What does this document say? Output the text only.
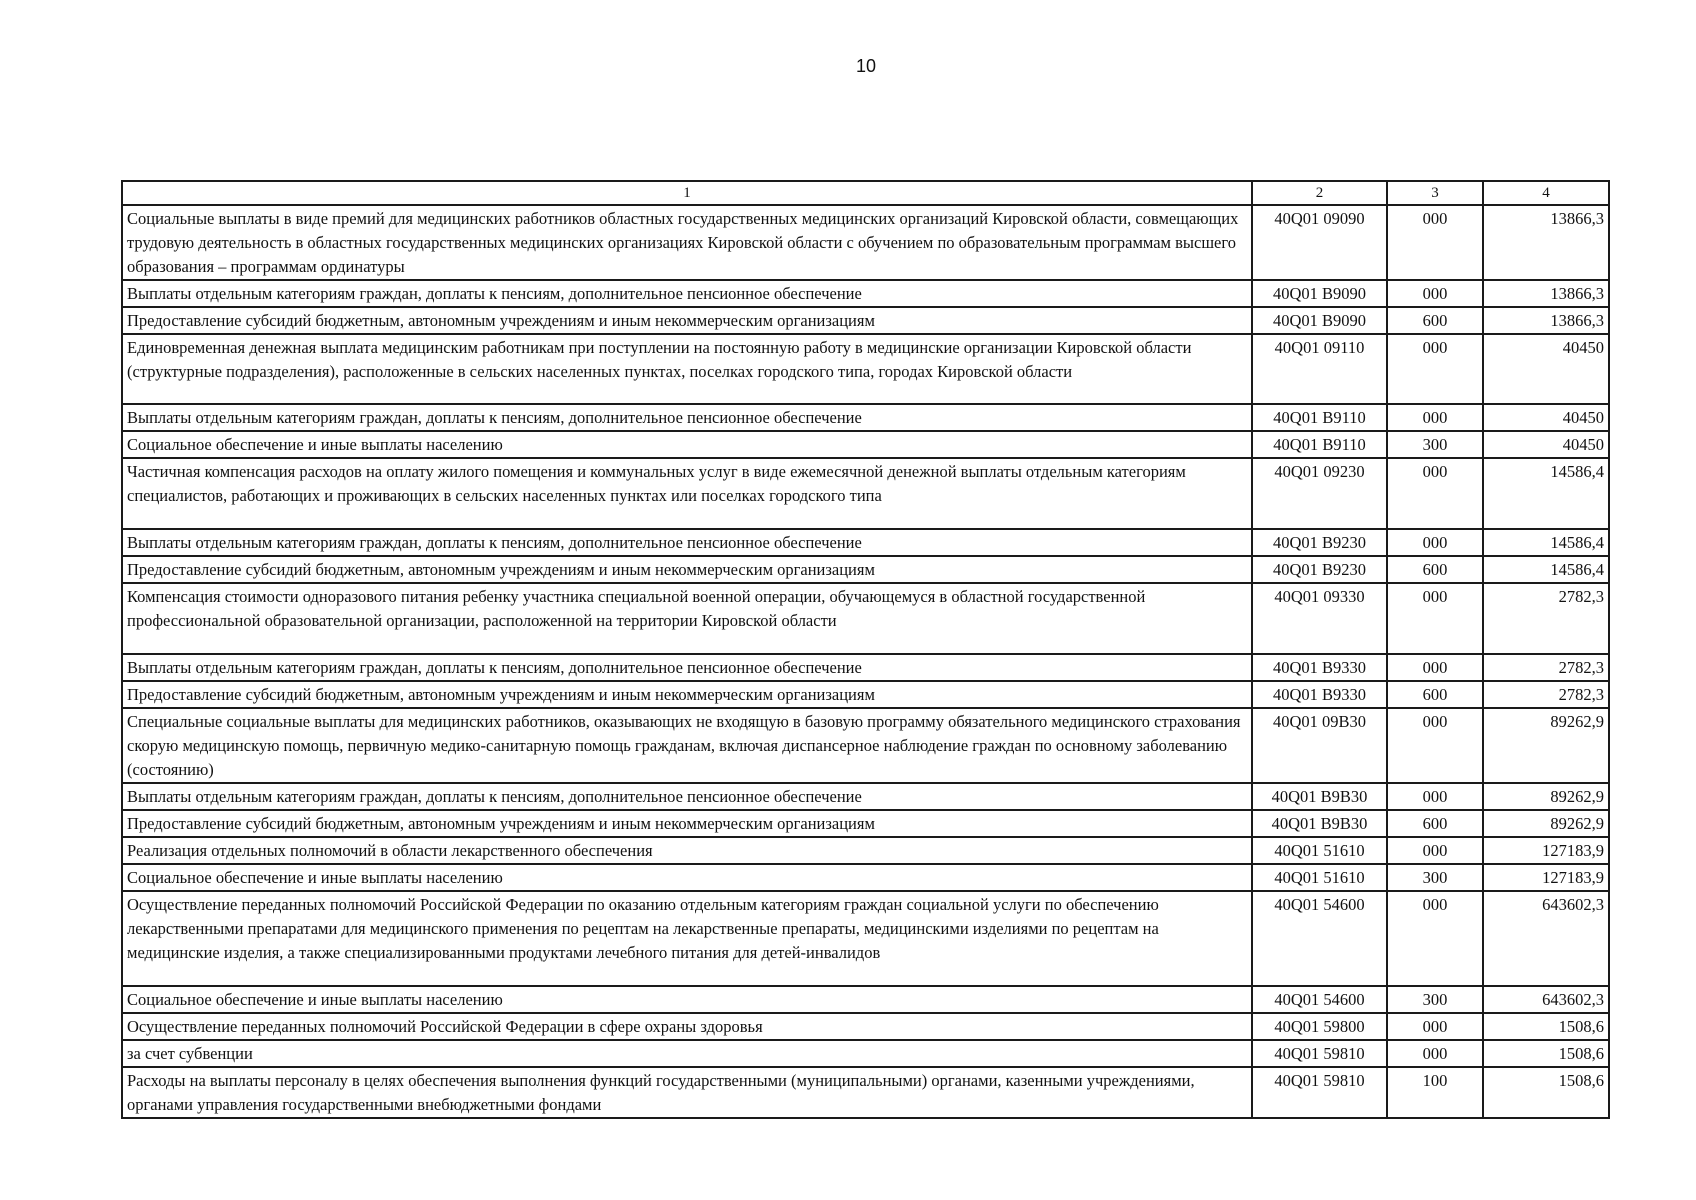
10
1	2	3	4
Социальные выплаты в виде премий для медицинских работников областных государственных медицинских организаций Кировской области, совмещающих трудовую деятельность в областных государственных медицинских организациях Кировской области с обучением по образовательным программам высшего образования – программам ординатуры	40Q01 09090	000	13866,3
Выплаты отдельным категориям граждан, доплаты к пенсиям, дополнительное пенсионное обеспечение	40Q01 В9090	000	13866,3
Предоставление субсидий бюджетным, автономным учреждениям и иным некоммерческим организациям	40Q01 В9090	600	13866,3
Единовременная денежная выплата медицинским работникам при поступлении на постоянную работу в медицинские организации Кировской области (структурные подразделения), расположенные в сельских населенных пунктах, поселках городского типа, городах Кировской области	40Q01 09110	000	40450
Выплаты отдельным категориям граждан, доплаты к пенсиям, дополнительное пенсионное обеспечение	40Q01 В9110	000	40450
Социальное обеспечение и иные выплаты населению	40Q01 В9110	300	40450
Частичная компенсация расходов на оплату жилого помещения и коммунальных услуг в виде ежемесячной денежной выплаты отдельным категориям специалистов, работающих и проживающих в сельских населенных пунктах или поселках городского типа	40Q01 09230	000	14586,4
Выплаты отдельным категориям граждан, доплаты к пенсиям, дополнительное пенсионное обеспечение	40Q01 В9230	000	14586,4
Предоставление субсидий бюджетным, автономным учреждениям и иным некоммерческим организациям	40Q01 В9230	600	14586,4
Компенсация стоимости одноразового питания ребенку участника специальной военной операции, обучающемуся в областной государственной профессиональной образовательной организации, расположенной на территории Кировской области	40Q01 09330	000	2782,3
Выплаты отдельным категориям граждан, доплаты к пенсиям, дополнительное пенсионное обеспечение	40Q01 В9330	000	2782,3
Предоставление субсидий бюджетным, автономным учреждениям и иным некоммерческим организациям	40Q01 В9330	600	2782,3
Специальные социальные выплаты для медицинских работников, оказывающих не входящую в базовую программу обязательного медицинского страхования скорую медицинскую помощь, первичную медико-санитарную помощь гражданам, включая диспансерное наблюдение граждан по основному заболеванию (состоянию)	40Q01 09В30	000	89262,9
Выплаты отдельным категориям граждан, доплаты к пенсиям, дополнительное пенсионное обеспечение	40Q01 В9В30	000	89262,9
Предоставление субсидий бюджетным, автономным учреждениям и иным некоммерческим организациям	40Q01 В9В30	600	89262,9
Реализация отдельных полномочий в области лекарственного обеспечения	40Q01 51610	000	127183,9
Социальное обеспечение и иные выплаты населению	40Q01 51610	300	127183,9
Осуществление переданных полномочий Российской Федерации по оказанию отдельным категориям граждан социальной услуги по обеспечению лекарственными препаратами для медицинского применения по рецептам на лекарственные препараты, медицинскими изделиями по рецептам на медицинские изделия, а также специализированными продуктами лечебного питания для детей-инвалидов	40Q01 54600	000	643602,3
Социальное обеспечение и иные выплаты населению	40Q01 54600	300	643602,3
Осуществление переданных полномочий Российской Федерации в сфере охраны здоровья	40Q01 59800	000	1508,6
за счет субвенции	40Q01 59810	000	1508,6
Расходы на выплаты персоналу в целях обеспечения выполнения функций государственными (муниципальными) органами, казенными учреждениями, органами управления государственными внебюджетными фондами	40Q01 59810	100	1508,6
